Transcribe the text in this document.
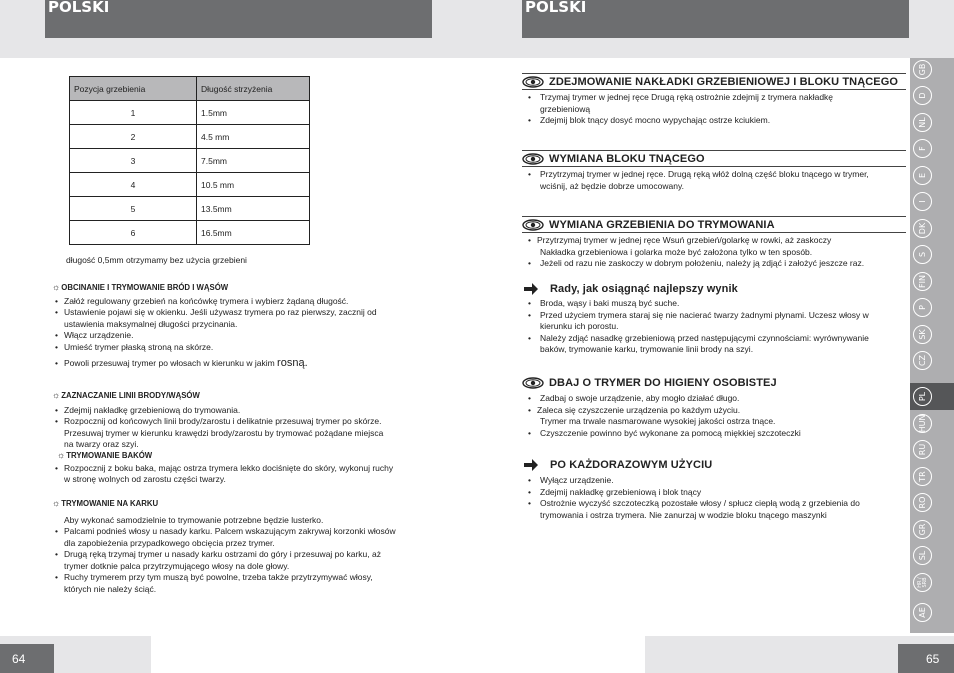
POLSKI	POLSKI
Pozycja grzebienia	Długość strzyżenia
1	1.5mm
2	4.5 mm
3	7.5mm
4	10.5 mm
5	13.5mm
6	16.5mm
długość 0,5mm otrzymamy bez użycia grzebieni
☼ OBCINANIE I TRYMOWANIE BRÓD I WĄSÓW
• Załóż regulowany grzebień na końcówkę trymera i wybierz żądaną długość.
• Ustawienie pojawi się w okienku. Jeśli używasz trymera po raz pierwszy, zacznij od
ustawienia maksymalnej długości przycinania.
• Włącz urządzenie.
• Umieść trymer płaską stroną na skórze.
• Powoli przesuwaj trymer po włosach w kierunku w jakim rosną.
☼ ZAZNACZANIE LINII BRODY/WĄSÓW
• Zdejmij nakładkę grzebieniową do trymowania.
• Rozpocznij od końcowych linii brody/zarostu i delikatnie przesuwaj trymer po skórze.
Przesuwaj trymer w kierunku krawędzi brody/zarostu by trymować pożądane miejsca
na twarzy oraz szyi.
☼ TRYMOWANIE BAKÓW
• Rozpocznij z boku baka, mając ostrza trymera lekko dociśnięte do skóry, wykonuj ruchy
w stronę wolnych od zarostu części twarzy.
☼ TRYMOWANIE NA KARKU
Aby wykonać samodzielnie to trymowanie potrzebne będzie lusterko.
• Palcami podnieś włosy u nasady karku. Palcem wskazującym zakrywaj korzonki włosów
dla zapobieżenia przypadkowego obcięcia przez trymer.
• Drugą ręką trzymaj trymer u nasady karku ostrzami do góry i przesuwaj po karku, aż
trymer dotknie palca przytrzymującego włosy na dole głowy.
• Ruchy trymerem przy tym muszą być powolne, trzeba także przytrzymywać włosy,
których nie należy ściąć.
ZDEJMOWANIE NAKŁADKI GRZEBIENIOWEJ I BLOKU TNĄCEGO
• Trzymaj trymer w jednej ręce Drugą ręką ostrożnie zdejmij z trymera nakładkę
grzebieniową
• Zdejmij blok tnący dosyć mocno wypychając ostrze kciukiem.
WYMIANA BLOKU TNĄCEGO
• Przytrzymaj trymer w jednej ręce. Drugą ręką włóż dolną część bloku tnącego w trymer,
wciśnij, aż będzie dobrze umocowany.
WYMIANA GRZEBIENIA DO TRYMOWANIA
• Przytrzymaj trymer w jednej ręce Wsuń grzebień/golarkę w rowki, aż zaskoczy
Nakładka grzebieniowa i golarka może być założona tylko w ten sposób.
• Jeżeli od razu nie zaskoczy w dobrym położeniu, należy ją zdjąć i założyć jeszcze raz.
Rady, jak osiągnąć najlepszy wynik
• Broda, wąsy i baki muszą być suche.
• Przed użyciem trymera staraj się nie nacierać twarzy żadnymi płynami. Uczesz włosy w
kierunku ich porostu.
• Należy zdjąć nasadkę grzebieniową przed następującymi czynnościami: wyrównywanie
baków, trymowanie karku, trymowanie linii brody na szyi.
DBAJ O TRYMER DO HIGIENY OSOBISTEJ
• Zadbaj o swoje urządzenie, aby mogło działać długo.
• Zaleca się czyszczenie urządzenia po każdym użyciu.
Trymer ma trwale nasmarowane wysokiej jakości ostrza tnące.
• Czyszczenie powinno być wykonane za pomocą miękkiej szczoteczki
PO KAŻDORAZOWYM UŻYCIU
• Wyłącz urządzenie.
• Zdejmij nakładkę grzebieniową i blok tnący
• Ostrożnie wyczyść szczoteczką pozostałe włosy / spłucz ciepłą wodą z grzebienia do
trymowania i ostrza trymera. Nie zanurzaj w wodzie bloku tnącego maszynki
GB
D
NL
F
E
I
DK
S
FIN
P
SK
CZ
PL
HUN
RU
TR
RO
GR
SL
HR / SRB
AE
64	65
